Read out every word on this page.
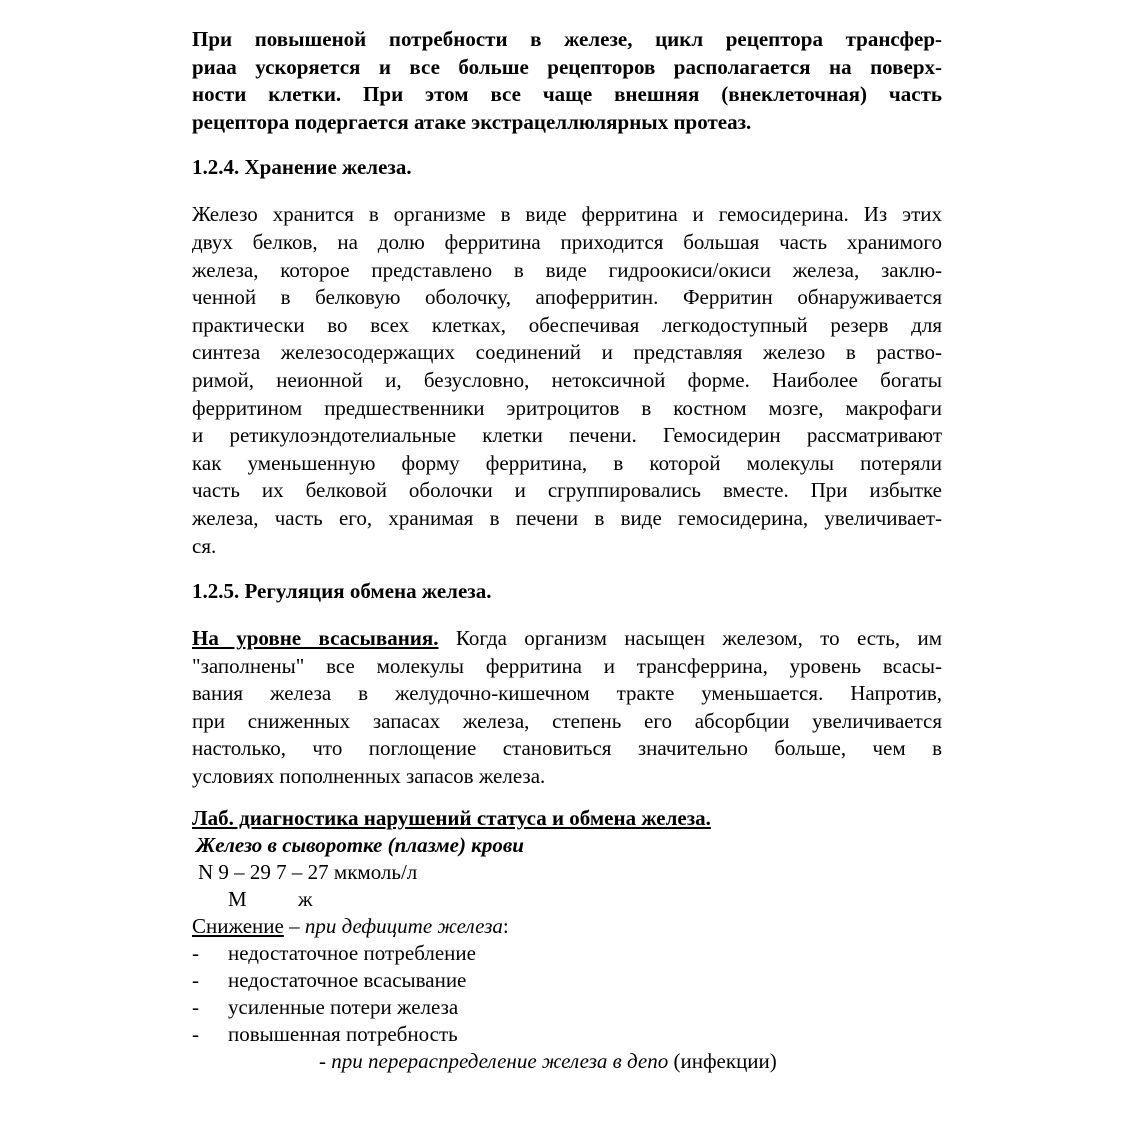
При повышеной потребности в железе, цикл рецептора трансфер-

риаа ускоряется и все больше рецепторов располагается на поверх-

ности клетки. При этом все чаще внешняя (внеклеточная) часть

рецептора подергается атаке экстрацеллюлярных протеаз.

1.2.4. Хранение железа.

Железо хранится в организме в виде ферритина и гемосидерина. Из этих

двух белков, на долю ферритина приходится большая часть хранимого

железа, которое представлено в виде гидроокиси/окиси железа, заклю-

ченной в белковую оболочку, апоферритин. Ферритин обнаруживается

практически во всех клетках, обеспечивая легкодоступный резерв для

синтеза железосодержащих соединений и представляя железо в раство-

римой, неионной и, безусловно, нетоксичной форме. Наиболее богаты

ферритином предшественники эритроцитов в костном мозге, макрофаги

и ретикулоэндотелиальные клетки печени. Гемосидерин рассматривают

как уменьшенную форму ферритина, в которой молекулы потеряли

часть их белковой оболочки и сгруппировались вместе. При избытке

железа, часть его, хранимая в печени в виде гемосидерина, увеличивает-

ся.

1.2.5. Регуляция обмена железа.

На уровне всасывания. Когда организм насыщен железом, то есть, им

"заполнены" все молекулы ферритина и трансферрина, уровень всасы-

вания железа в желудочно-кишечном тракте уменьшается. Напротив,

при сниженных запасах железа, степень его абсорбции увеличивается

настолько, что поглощение становиться значительно больше, чем в

условиях пополненных запасов железа.

Лаб. диагностика нарушений статуса и обмена железа.

Железо в сыворотке (плазме) крови

N 9 – 29 7 – 27 мкмоль/л

М ж

Снижение – при дефиците железа:

-	недостаточное потребление
-	недостаточное всасывание
-	усиленные потери железа
-	повышенная потребность

- при перераспределение железа в депо (инфекции)
